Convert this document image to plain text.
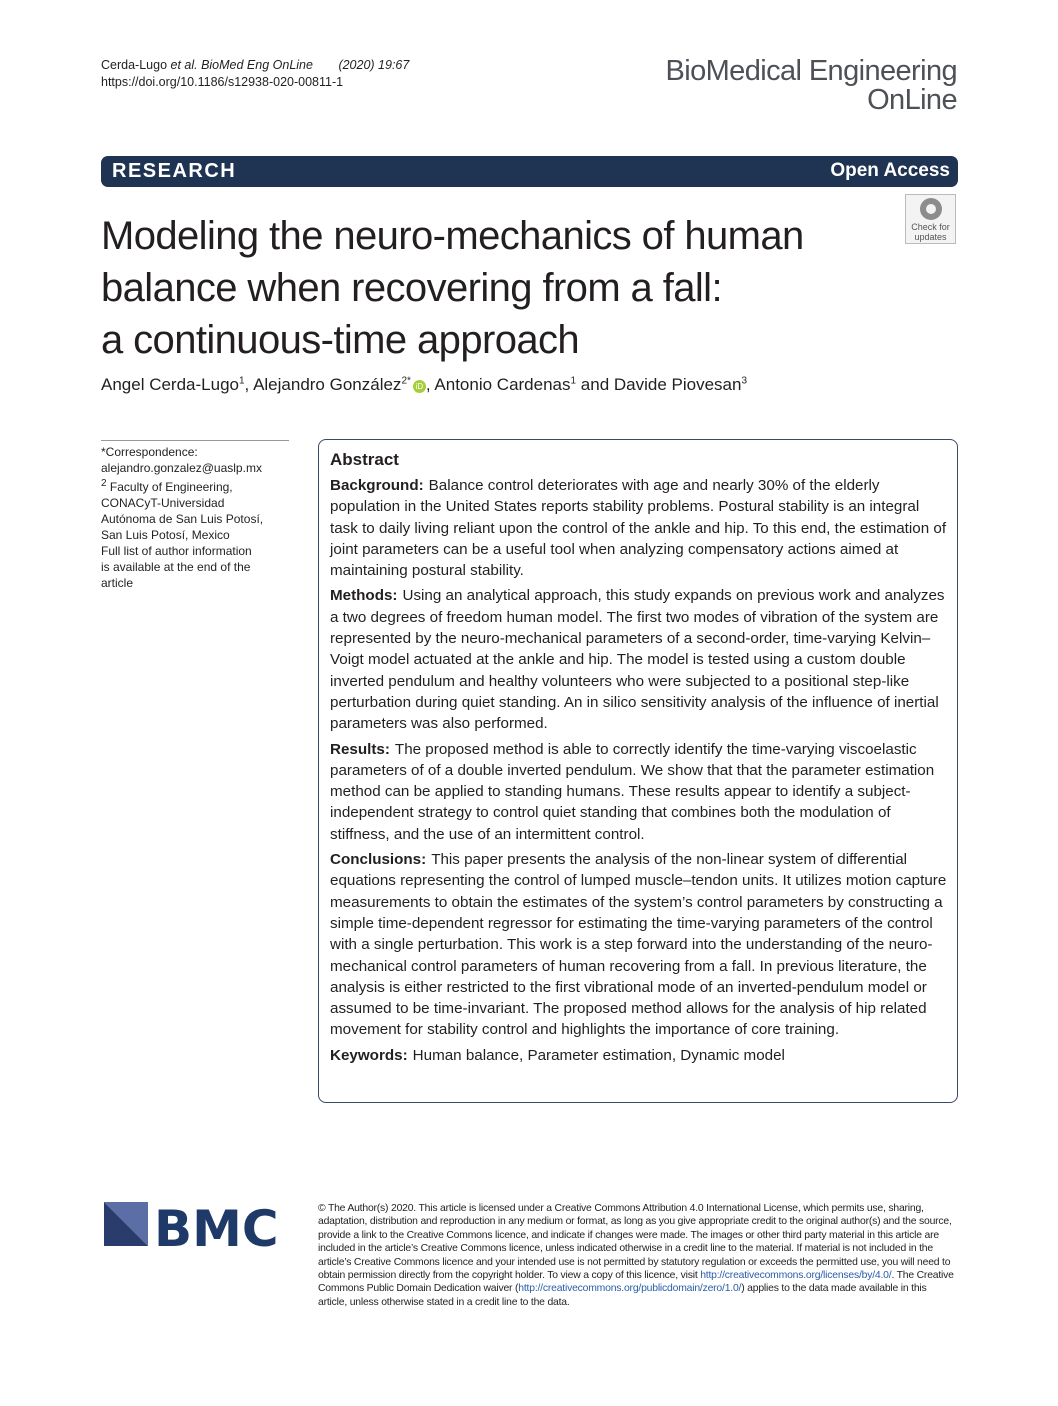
Cerda-Lugo et al. BioMed Eng OnLine (2020) 19:67
https://doi.org/10.1186/s12938-020-00811-1	BioMedical Engineering
OnLine
RESEARCH	Open Access
Modeling the neuro-mechanics of human
balance when recovering from a fall:
a continuous-time approach
Check for
updates
Angel Cerda-Lugo$^1$, Alejandro González$^{2*}$iD , Antonio Cardenas$^1$ and Davide Piovesan$^3$
*Correspondence:
alejandro.gonzalez@uaslp.mx
$^2$ Faculty of Engineering,
CONACyT-Universidad
Autónoma de San Luis Potosí,
San Luis Potosí, Mexico
Full list of author information
is available at the end of the
article
Abstract

Background: Balance control deteriorates with age and nearly 30% of the elderly population in the United States reports stability problems. Postural stability is an integral task to daily living reliant upon the control of the ankle and hip. To this end, the estimation of joint parameters can be a useful tool when analyzing compensatory actions aimed at maintaining postural stability.

Methods: Using an analytical approach, this study expands on previous work and analyzes a two degrees of freedom human model. The first two modes of vibration of the system are represented by the neuro-mechanical parameters of a second-order, time-varying Kelvin–Voigt model actuated at the ankle and hip. The model is tested using a custom double inverted pendulum and healthy volunteers who were subjected to a positional step-like perturbation during quiet standing. An in silico sensitivity analysis of the influence of inertial parameters was also performed.

Results: The proposed method is able to correctly identify the time-varying viscoelastic parameters of of a double inverted pendulum. We show that that the parameter estimation method can be applied to standing humans. These results appear to identify a subject-independent strategy to control quiet standing that combines both the modulation of stiffness, and the use of an intermittent control.

Conclusions: This paper presents the analysis of the non-linear system of differential equations representing the control of lumped muscle–tendon units. It utilizes motion capture measurements to obtain the estimates of the system’s control parameters by constructing a simple time-dependent regressor for estimating the time-varying parameters of the control with a single perturbation. This work is a step forward into the understanding of the neuro-mechanical control parameters of human recovering from a fall. In previous literature, the analysis is either restricted to the first vibrational mode of an inverted-pendulum model or assumed to be time-invariant. The proposed method allows for the analysis of hip related movement for stability control and highlights the importance of core training.

Keywords: Human balance, Parameter estimation, Dynamic model

BMC	© The Author(s) 2020. This article is licensed under a Creative Commons Attribution 4.0 International License, which permits use, sharing, adaptation, distribution and reproduction in any medium or format, as long as you give appropriate credit to the original author(s) and the source, provide a link to the Creative Commons licence, and indicate if changes were made. The images or other third party material in this article are included in the article’s Creative Commons licence, unless indicated otherwise in a credit line to the material. If material is not included in the article’s Creative Commons licence and your intended use is not permitted by statutory regulation or exceeds the permitted use, you will need to obtain permission directly from the copyright holder. To view a copy of this licence, visit http://creativecommons.org/licenses/by/4.0/. The Creative Commons Public Domain Dedication waiver (http://creativecommons.org/publicdomain/zero/1.0/) applies to the data made available in this article, unless otherwise stated in a credit line to the data.
